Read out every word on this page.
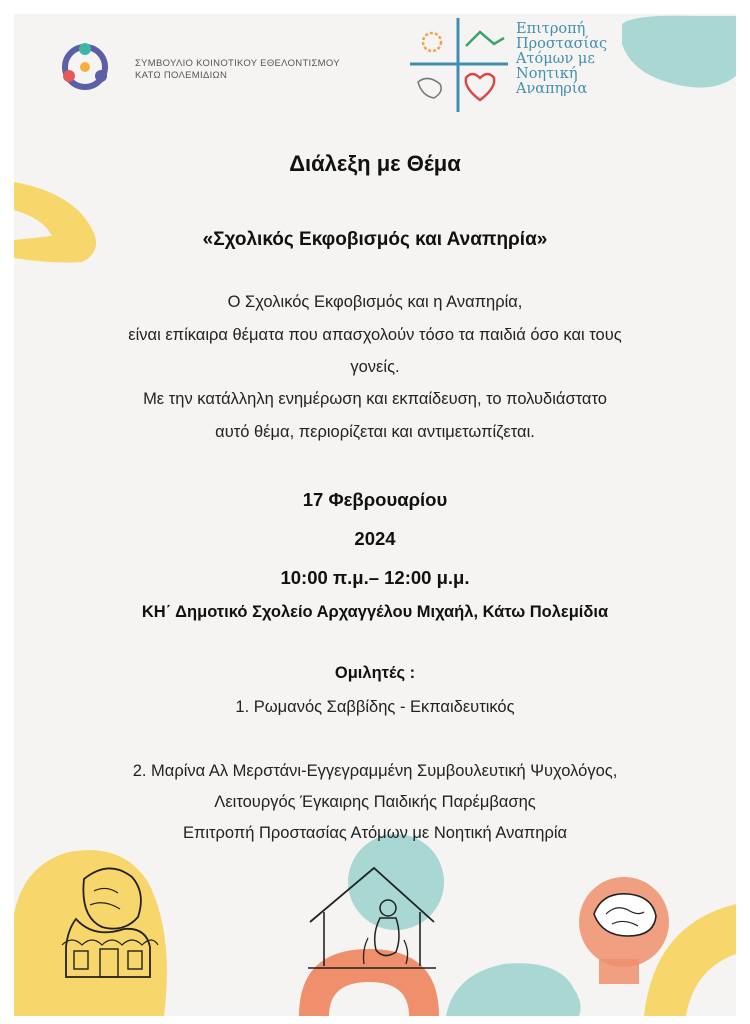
ΣΥΜΒΟΥΛΙΟ ΚΟΙΝΟΤΙΚΟΥ ΕΘΕΛΟΝΤΙΣΜΟΥ
ΚΑΤΩ ΠΟΛΕΜΙΔΙΩΝ
Επιτροπή
Προστασίας
Ατόμων με
Νοητική
Αναπηρία
Διάλεξη με Θέμα
«Σχολικός Εκφοβισμός και Αναπηρία»
Ο Σχολικός Εκφοβισμός και η Αναπηρία,
είναι επίκαιρα θέματα που απασχολούν τόσο τα παιδιά όσο και τους
γονείς.
Με την κατάλληλη ενημέρωση και εκπαίδευση, το πολυδιάστατο
αυτό θέμα, περιορίζεται και αντιμετωπίζεται.
17 Φεβρουαρίου
2024
10:00 π.μ.– 12:00 μ.μ.
ΚΗ΄ Δημοτικό Σχολείο Αρχαγγέλου Μιχαήλ, Κάτω Πολεμίδια
Ομιλητές :
1. Ρωμανός Σαββίδης - Εκπαιδευτικός
2. Μαρίνα Αλ Μερστάνι-Εγγεγραμμένη Συμβουλευτική Ψυχολόγος,
Λειτουργός Έγκαιρης Παιδικής Παρέμβασης
Επιτροπή Προστασίας Ατόμων με Νοητική Αναπηρία
